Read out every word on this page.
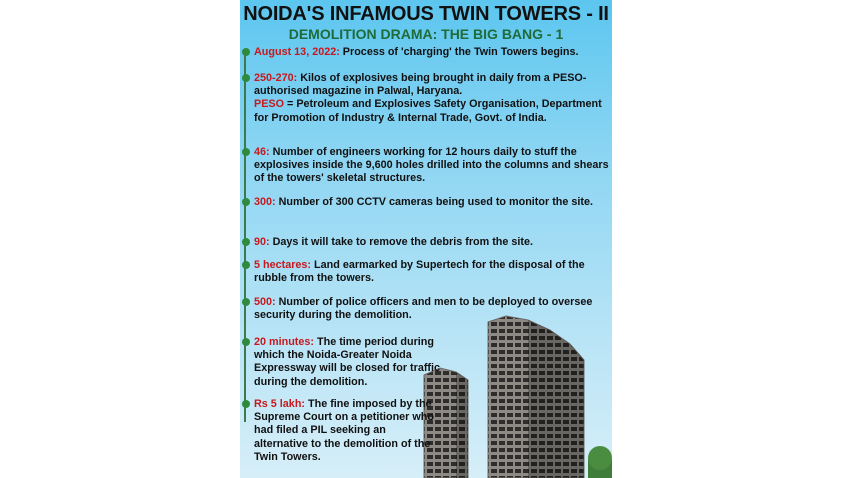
NOIDA'S INFAMOUS TWIN TOWERS - II
DEMOLITION DRAMA: THE BIG BANG - 1
August 13, 2022: Process of 'charging' the Twin Towers begins.
250-270: Kilos of explosives being brought in daily from a PESO-authorised magazine in Palwal, Haryana.
PESO = Petroleum and Explosives Safety Organisation, Department for Promotion of Industry & Internal Trade, Govt. of India.
46: Number of engineers working for 12 hours daily to stuff the explosives inside the 9,600 holes drilled into the columns and shears of the towers' skeletal structures.
300: Number of 300 CCTV cameras being used to monitor the site.
90: Days it will take to remove the debris from the site.
5 hectares: Land earmarked by Supertech for the disposal of the rubble from the towers.
500: Number of police officers and men to be deployed to oversee security during the demolition.
20 minutes: The time period during which the Noida-Greater Noida Expressway will be closed for traffic during the demolition.
Rs 5 lakh: The fine imposed by the Supreme Court on a petitioner who had filed a PIL seeking an alternative to the demolition of the Twin Towers.
